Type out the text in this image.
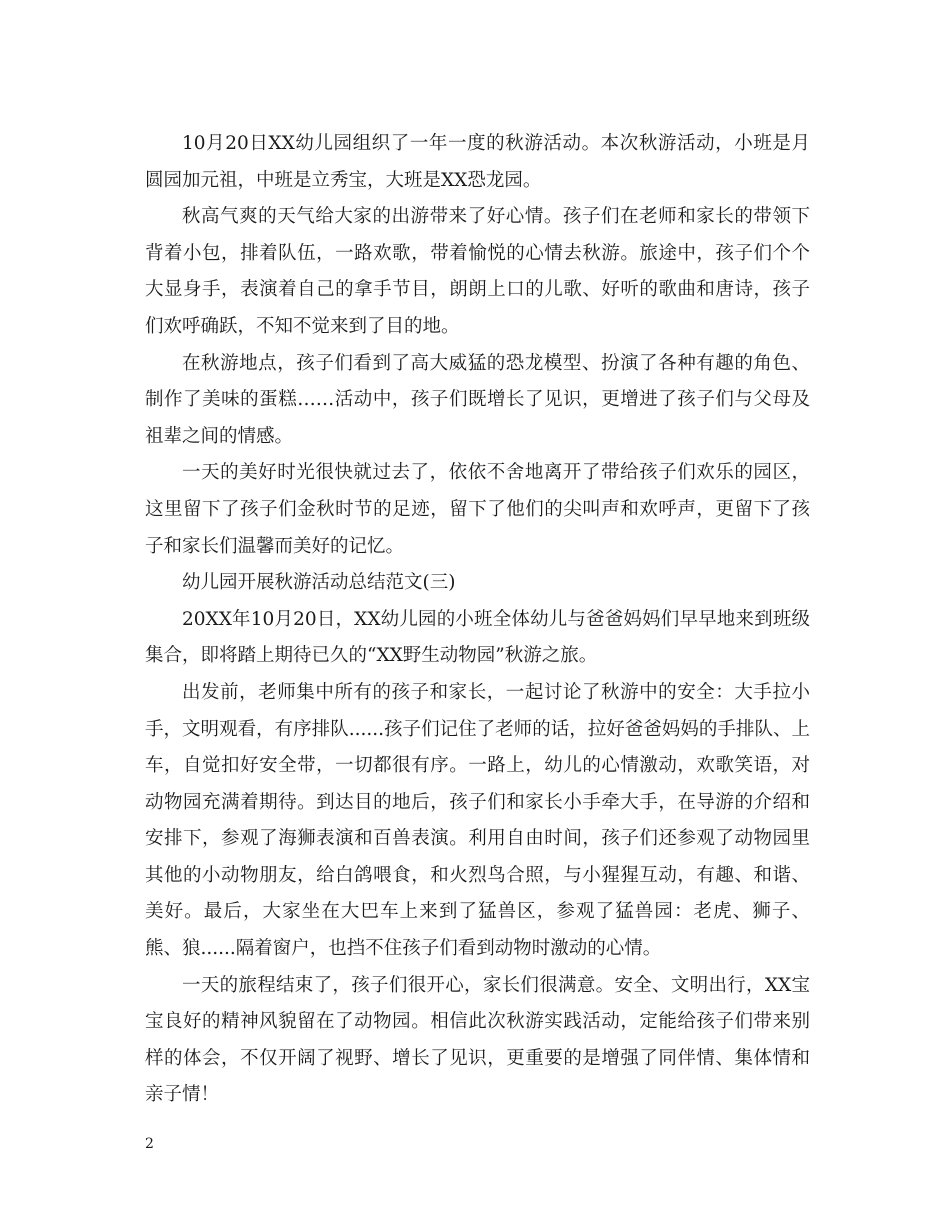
10月20日XX幼儿园组织了一年一度的秋游活动。本次秋游活动，小班是月圆园加元祖，中班是立秀宝，大班是XX恐龙园。

秋高气爽的天气给大家的出游带来了好心情。孩子们在老师和家长的带领下背着小包，排着队伍，一路欢歌，带着愉悦的心情去秋游。旅途中，孩子们个个大显身手，表演着自己的拿手节目，朗朗上口的儿歌、好听的歌曲和唐诗，孩子们欢呼确跃，不知不觉来到了目的地。

在秋游地点，孩子们看到了高大威猛的恐龙模型、扮演了各种有趣的角色、制作了美味的蛋糕……活动中，孩子们既增长了见识，更增进了孩子们与父母及祖辈之间的情感。

一天的美好时光很快就过去了，依依不舍地离开了带给孩子们欢乐的园区，这里留下了孩子们金秋时节的足迹，留下了他们的尖叫声和欢呼声，更留下了孩子和家长们温馨而美好的记忆。

幼儿园开展秋游活动总结范文(三)

20XX年10月20日，XX幼儿园的小班全体幼儿与爸爸妈妈们早早地来到班级集合，即将踏上期待已久的“XX野生动物园”秋游之旅。

出发前，老师集中所有的孩子和家长，一起讨论了秋游中的安全：大手拉小手，文明观看，有序排队......孩子们记住了老师的话，拉好爸爸妈妈的手排队、上车，自觉扣好安全带，一切都很有序。一路上，幼儿的心情激动，欢歌笑语，对动物园充满着期待。到达目的地后，孩子们和家长小手牵大手，在导游的介绍和安排下，参观了海狮表演和百兽表演。利用自由时间，孩子们还参观了动物园里其他的小动物朋友，给白鸽喂食，和火烈鸟合照，与小猩猩互动，有趣、和谐、美好。最后，大家坐在大巴车上来到了猛兽区，参观了猛兽园：老虎、狮子、熊、狼......隔着窗户，也挡不住孩子们看到动物时激动的心情。

一天的旅程结束了，孩子们很开心，家长们很满意。安全、文明出行，XX宝宝良好的精神风貌留在了动物园。相信此次秋游实践活动，定能给孩子们带来别样的体会，不仅开阔了视野、增长了见识，更重要的是增强了同伴情、集体情和亲子情！

2
